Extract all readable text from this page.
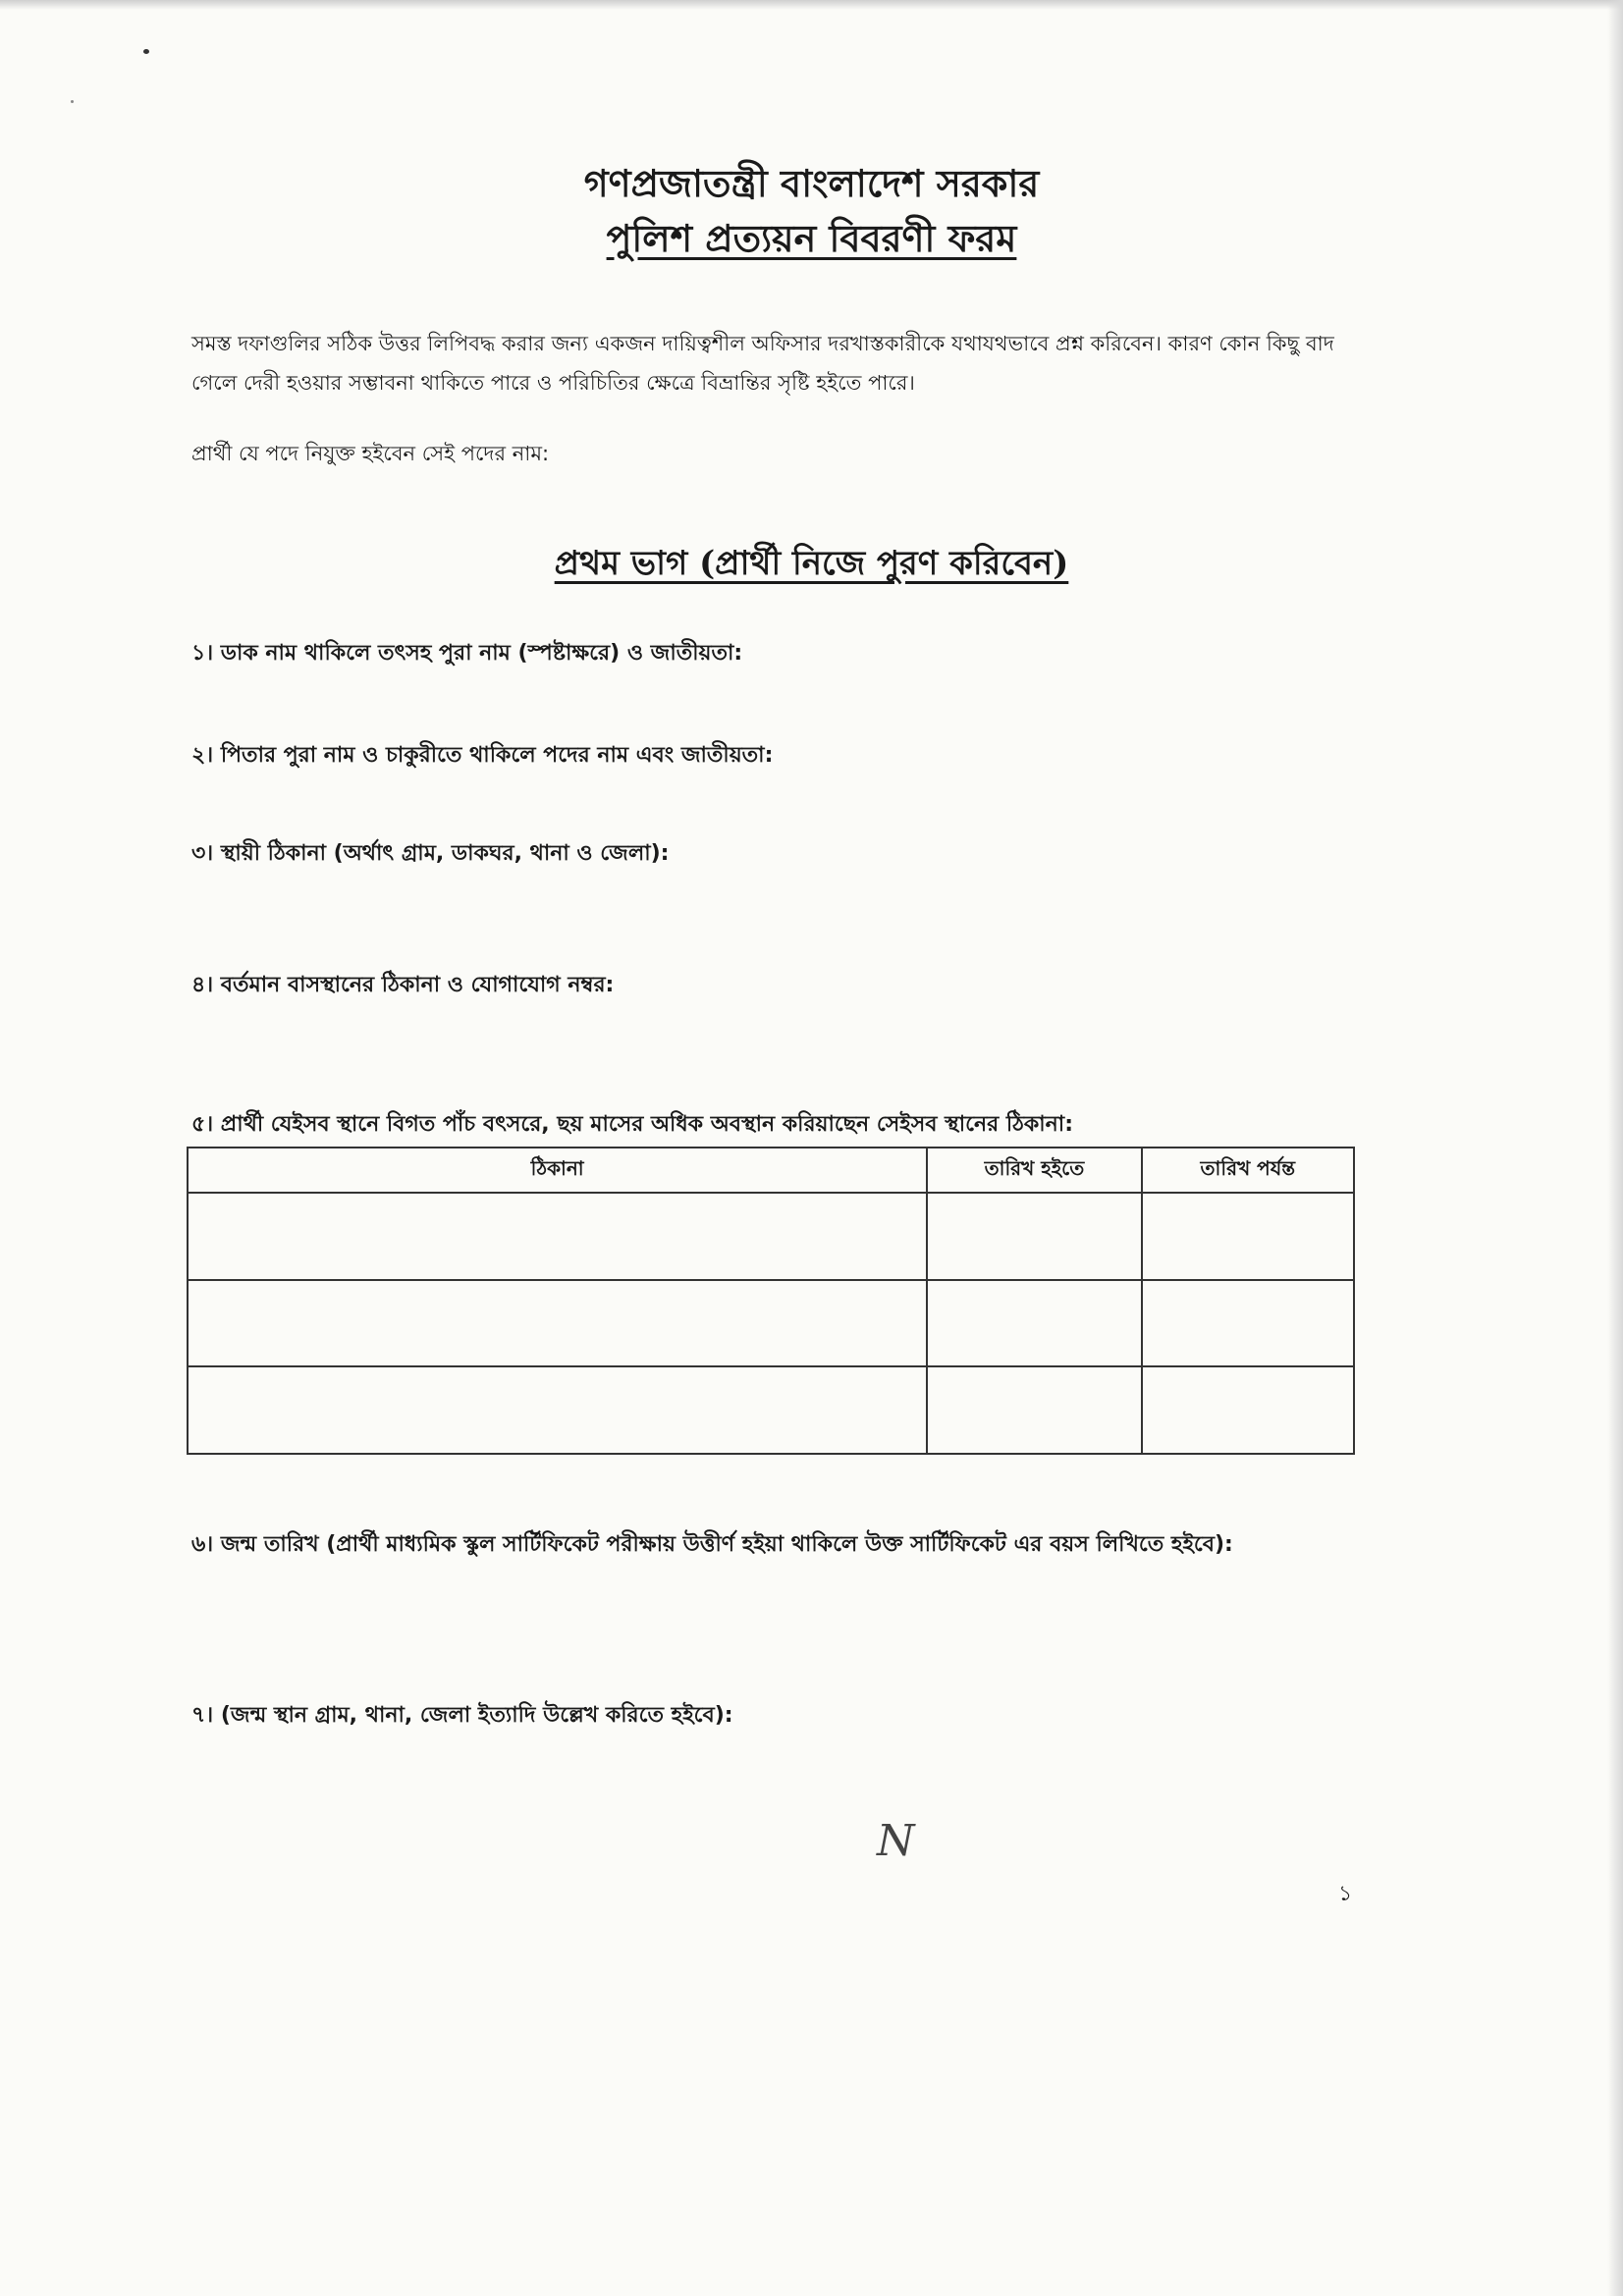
গণপ্রজাতন্ত্রী বাংলাদেশ সরকার
পুলিশ প্রত্যয়ন বিবরণী ফরম
সমস্ত দফাগুলির সঠিক উত্তর লিপিবদ্ধ করার জন্য একজন দায়িত্বশীল অফিসার দরখাস্তকারীকে যথাযথভাবে প্রশ্ন করিবেন। কারণ কোন কিছু বাদ গেলে দেরী হওয়ার সম্ভাবনা থাকিতে পারে ও পরিচিতির ক্ষেত্রে বিভ্রান্তির সৃষ্টি হইতে পারে।
প্রার্থী যে পদে নিযুক্ত হইবেন সেই পদের নাম:
প্রথম ভাগ (প্রার্থী নিজে পুরণ করিবেন)
১। ডাক নাম থাকিলে তৎসহ পুরা নাম (স্পষ্টাক্ষরে) ও জাতীয়তা:
২। পিতার পুরা নাম ও চাকুরীতে থাকিলে পদের নাম এবং জাতীয়তা:
৩। স্থায়ী ঠিকানা (অর্থাৎ গ্রাম, ডাকঘর, থানা ও জেলা):
৪। বর্তমান বাসস্থানের ঠিকানা ও যোগাযোগ নম্বর:
৫। প্রার্থী যেইসব স্থানে বিগত পাঁচ বৎসরে, ছয় মাসের অধিক অবস্থান করিয়াছেন সেইসব স্থানের ঠিকানা:
ঠিকানা	তারিখ হইতে	তারিখ পর্যন্ত

৬। জন্ম তারিখ (প্রার্থী মাধ্যমিক স্কুল সার্টিফিকেট পরীক্ষায় উত্তীর্ণ হইয়া থাকিলে উক্ত সার্টিফিকেট এর বয়স লিখিতে হইবে):
৭। (জন্ম স্থান গ্রাম, থানা, জেলা ইত্যাদি উল্লেখ করিতে হইবে):
N
১
